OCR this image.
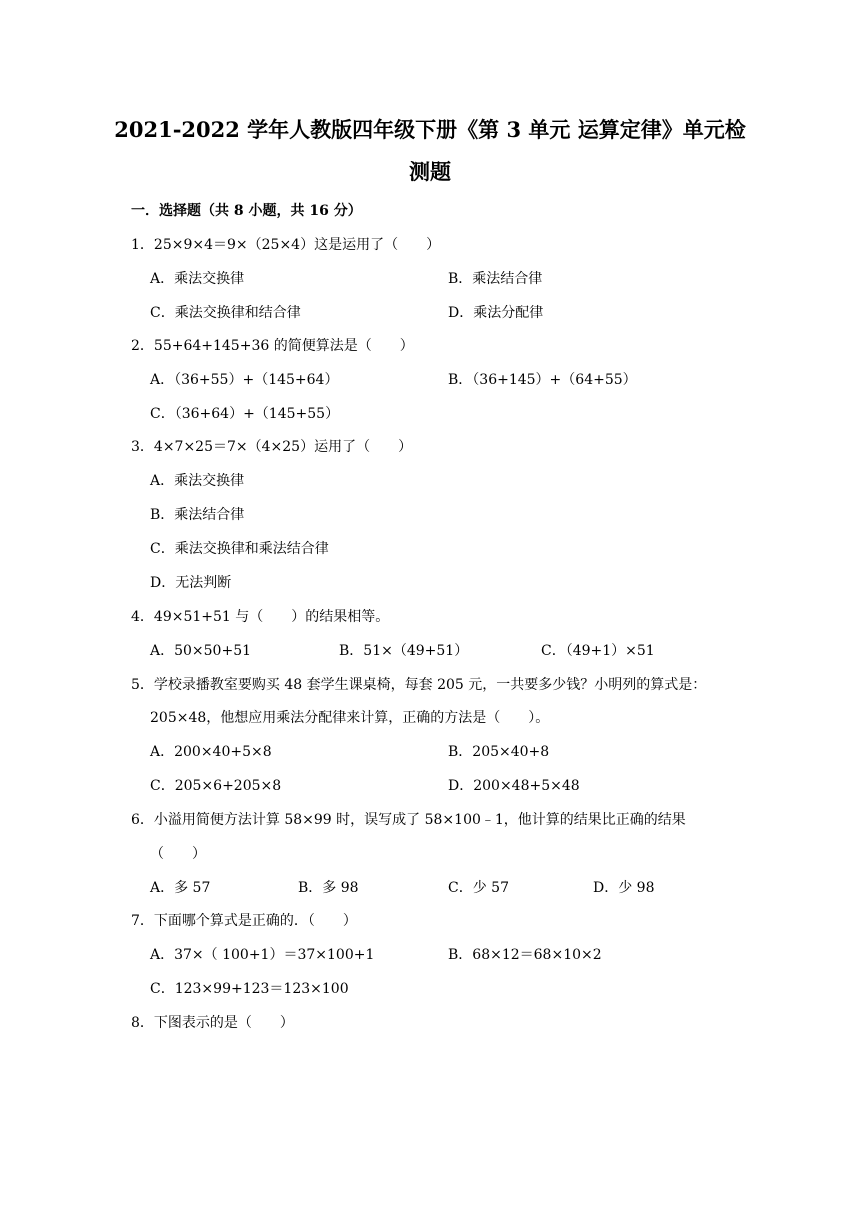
2021-2022 学年人教版四年级下册《第 3 单元 运算定律》单元检
测题
一．选择题（共 8 小题，共 16 分）
1．25×9×4＝9×（25×4）这是运用了（　　）
A．乘法交换律	B．乘法结合律
C．乘法交换律和结合律	D．乘法分配律
2．55+64+145+36 的简便算法是（　　）
A．（36+55）+（145+64）	B．（36+145）+（64+55）
C．（36+64）+（145+55）
3．4×7×25＝7×（4×25）运用了（　　）
A．乘法交换律
B．乘法结合律
C．乘法交换律和乘法结合律
D．无法判断
4．49×51+51 与（　　）的结果相等。
A．50×50+51	B．51×（49+51）	C．（49+1）×51
5．学校录播教室要购买 48 套学生课桌椅，每套 205 元，一共要多少钱？小明列的算式是：
205×48，他想应用乘法分配律来计算，正确的方法是（　　）。
A．200×40+5×8	B．205×40+8
C．205×6+205×8	D．200×48+5×48
6．小溢用简便方法计算 58×99 时，误写成了 58×100﹣1，他计算的结果比正确的结果
（　　）
A．多 57	B．多 98	C．少 57	D．少 98
7．下面哪个算式是正确的．（　　）
A．37×（ 100+1）＝37×100+1	B．68×12＝68×10×2
C．123×99+123＝123×100
8．下图表示的是（　　）
